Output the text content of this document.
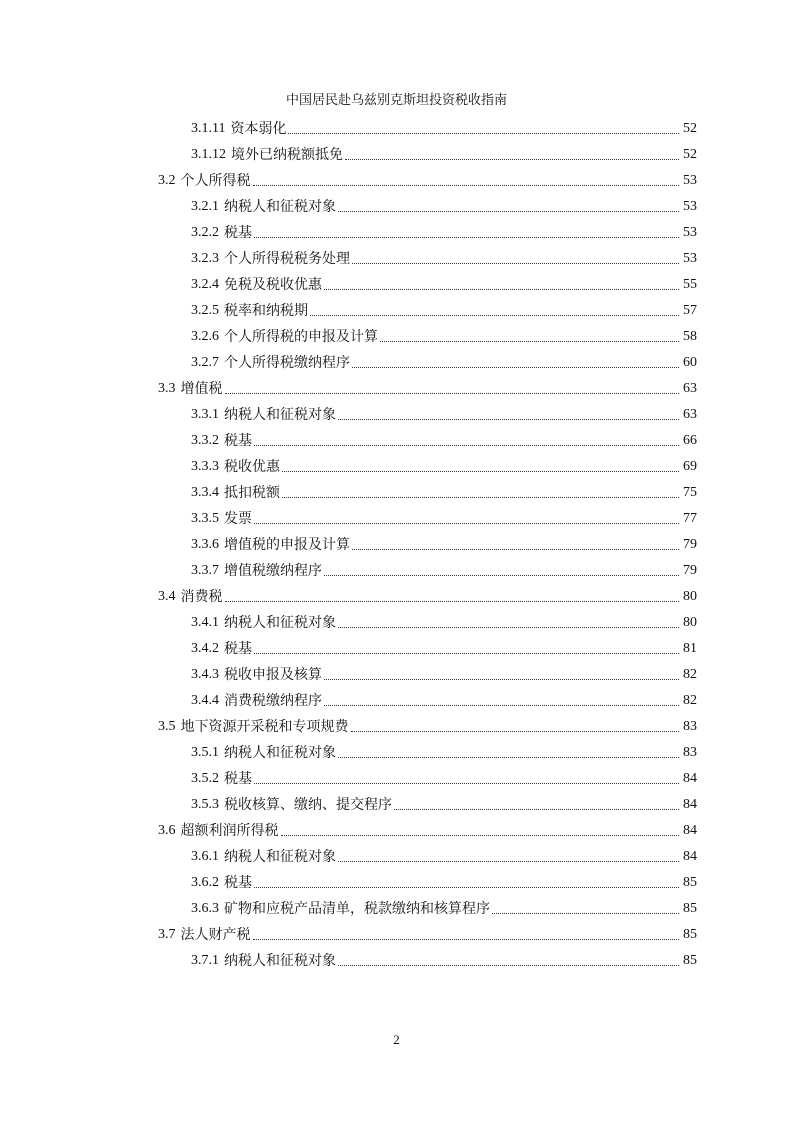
中国居民赴乌兹别克斯坦投资税收指南
3.1.11 资本弱化	52
3.1.12 境外已纳税额抵免	52
3.2 个人所得税	53
3.2.1 纳税人和征税对象	53
3.2.2 税基	53
3.2.3 个人所得税税务处理	53
3.2.4 免税及税收优惠	55
3.2.5 税率和纳税期	57
3.2.6 个人所得税的申报及计算	58
3.2.7 个人所得税缴纳程序	60
3.3 增值税	63
3.3.1 纳税人和征税对象	63
3.3.2 税基	66
3.3.3 税收优惠	69
3.3.4 抵扣税额	75
3.3.5 发票	77
3.3.6 增值税的申报及计算	79
3.3.7 增值税缴纳程序	79
3.4 消费税	80
3.4.1 纳税人和征税对象	80
3.4.2 税基	81
3.4.3 税收申报及核算	82
3.4.4 消费税缴纳程序	82
3.5 地下资源开采税和专项规费	83
3.5.1 纳税人和征税对象	83
3.5.2 税基	84
3.5.3 税收核算、缴纳、提交程序	84
3.6 超额利润所得税	84
3.6.1 纳税人和征税对象	84
3.6.2 税基	85
3.6.3 矿物和应税产品清单，税款缴纳和核算程序	85
3.7 法人财产税	85
3.7.1 纳税人和征税对象	85
2
